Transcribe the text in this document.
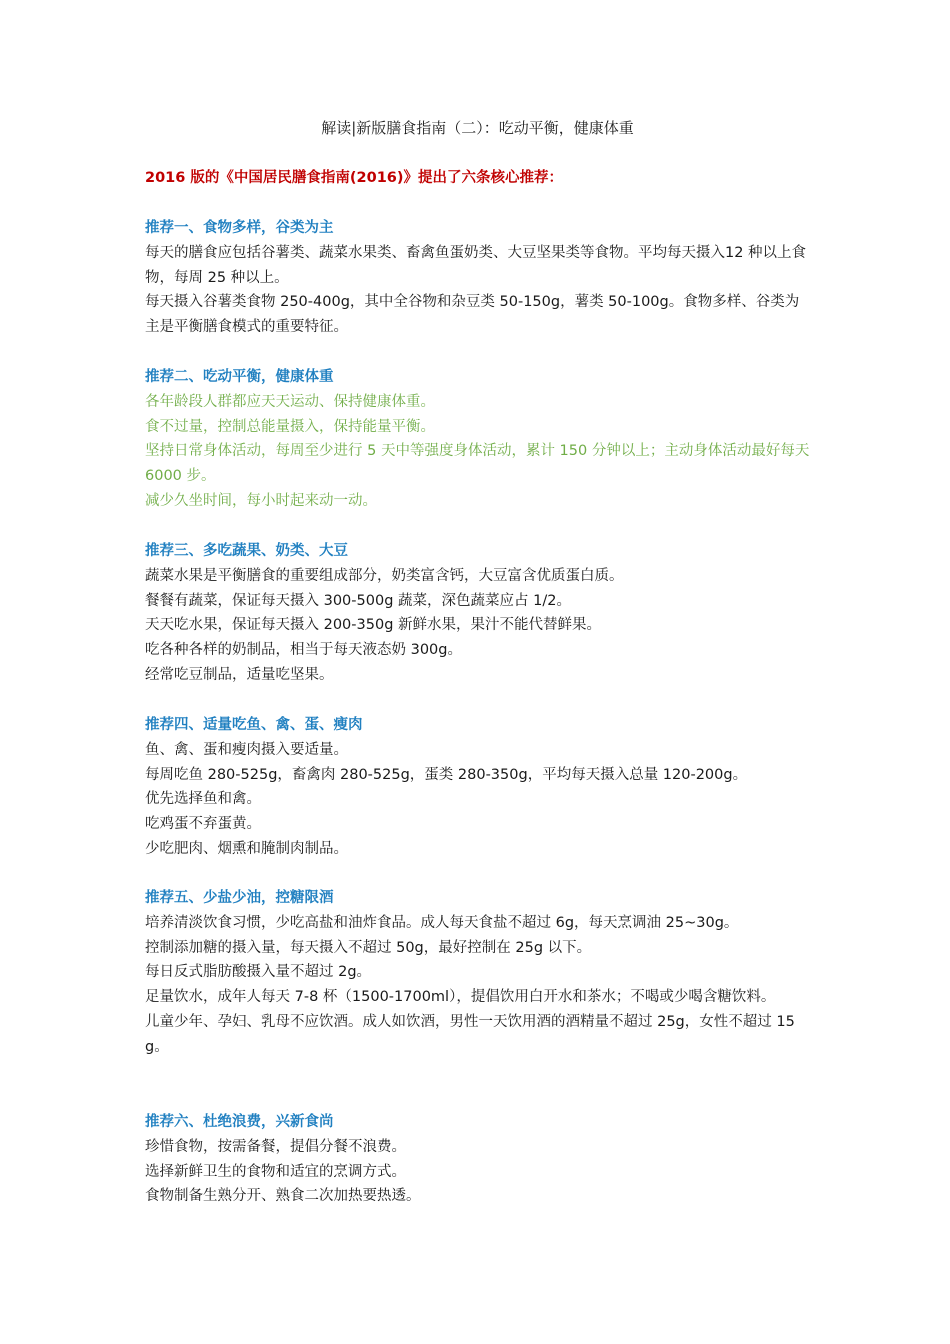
解读|新版膳食指南（二）：吃动平衡，健康体重
2016 版的《中国居民膳食指南(2016)》提出了六条核心推荐：
推荐一、食物多样，谷类为主

每天的膳食应包括谷薯类、蔬菜水果类、畜禽鱼蛋奶类、大豆坚果类等食物。平均每天摄入12 种以上食物，每周 25 种以上。

每天摄入谷薯类食物 250-400g，其中全谷物和杂豆类 50-150g，薯类 50-100g。食物多样、谷类为主是平衡膳食模式的重要特征。

推荐二、吃动平衡，健康体重

各年龄段人群都应天天运动、保持健康体重。

食不过量，控制总能量摄入，保持能量平衡。

坚持日常身体活动，每周至少进行 5 天中等强度身体活动，累计 150 分钟以上；主动身体活动最好每天 6000 步。

减少久坐时间，每小时起来动一动。

推荐三、多吃蔬果、奶类、大豆

蔬菜水果是平衡膳食的重要组成部分，奶类富含钙，大豆富含优质蛋白质。

餐餐有蔬菜，保证每天摄入 300-500g 蔬菜，深色蔬菜应占 1/2。

天天吃水果，保证每天摄入 200-350g 新鲜水果，果汁不能代替鲜果。

吃各种各样的奶制品，相当于每天液态奶 300g。

经常吃豆制品，适量吃坚果。

推荐四、适量吃鱼、禽、蛋、瘦肉

鱼、禽、蛋和瘦肉摄入要适量。

每周吃鱼 280-525g，畜禽肉 280-525g，蛋类 280-350g，平均每天摄入总量 120-200g。

优先选择鱼和禽。

吃鸡蛋不弃蛋黄。

少吃肥肉、烟熏和腌制肉制品。

推荐五、少盐少油，控糖限酒

培养清淡饮食习惯，少吃高盐和油炸食品。成人每天食盐不超过 6g，每天烹调油 25~30g。

控制添加糖的摄入量，每天摄入不超过 50g，最好控制在 25g 以下。

每日反式脂肪酸摄入量不超过 2g。

足量饮水，成年人每天 7-8 杯（1500-1700ml），提倡饮用白开水和茶水；不喝或少喝含糖饮料。

儿童少年、孕妇、乳母不应饮酒。成人如饮酒，男性一天饮用酒的酒精量不超过 25g，女性不超过 15g。

推荐六、杜绝浪费，兴新食尚

珍惜食物，按需备餐，提倡分餐不浪费。

选择新鲜卫生的食物和适宜的烹调方式。

食物制备生熟分开、熟食二次加热要热透。
